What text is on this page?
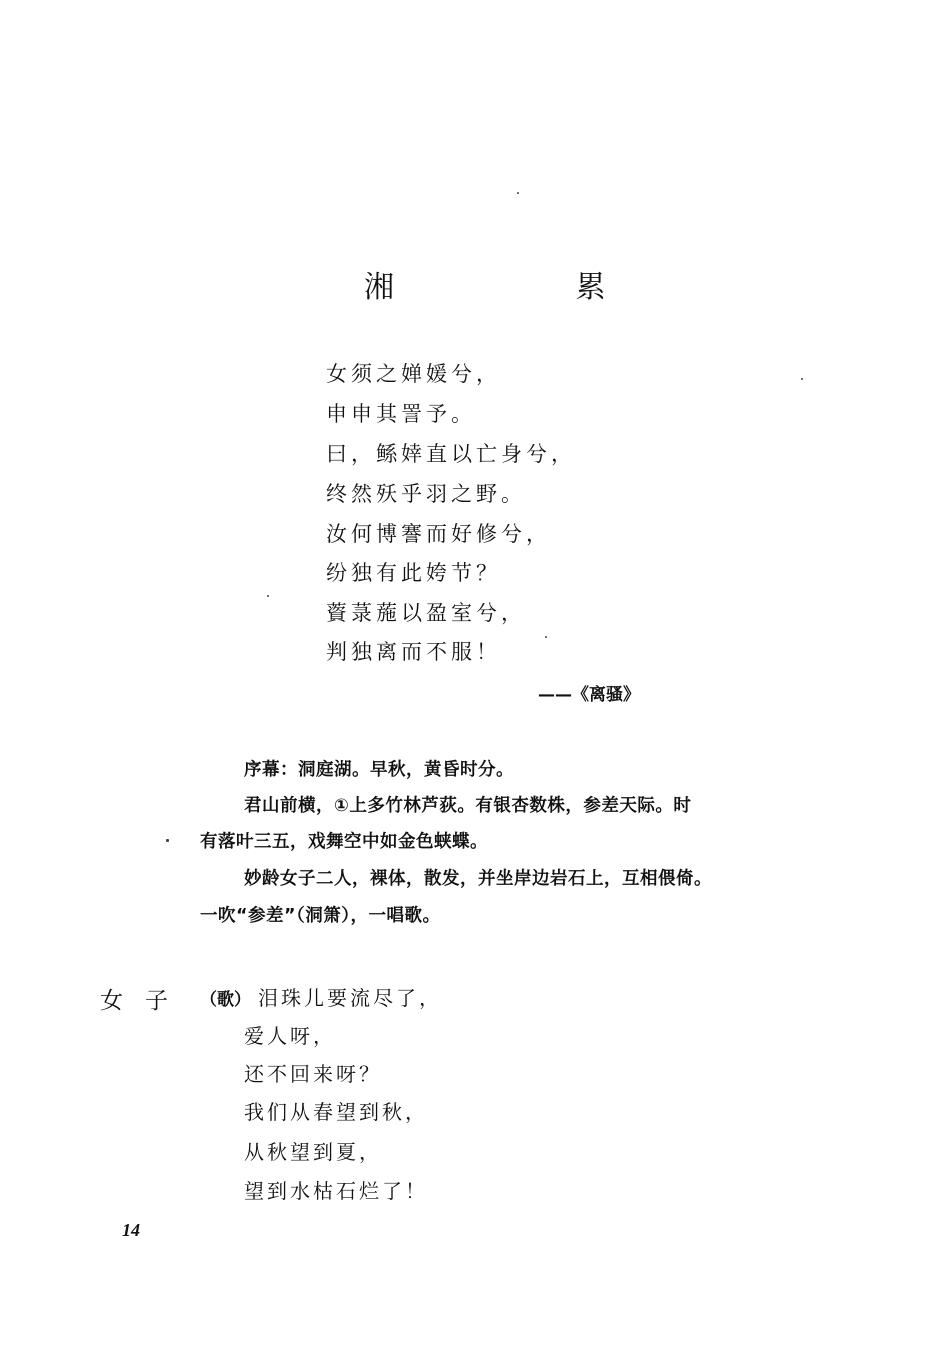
湘 累
女须之婵媛兮，
申申其詈予。
曰，鲧婞直以亡身兮，
终然殀乎羽之野。
汝何博謇而好修兮，
纷独有此姱节？
薋菉葹以盈室兮，
判独离而不服！
——《离骚》
序幕：洞庭湖。早秋，黄昏时分。
君山前横，①上多竹林芦荻。有银杏数株，参差天际。时
有落叶三五，戏舞空中如金色蛱蝶。
妙龄女子二人，裸体，散发，并坐岸边岩石上，互相偎倚。
一吹“参差”（洞箫），一唱歌。
女子 （歌） 泪珠儿要流尽了，
爱人呀，
还不回来呀？
我们从春望到秋，
从秋望到夏，
望到水枯石烂了！
14
